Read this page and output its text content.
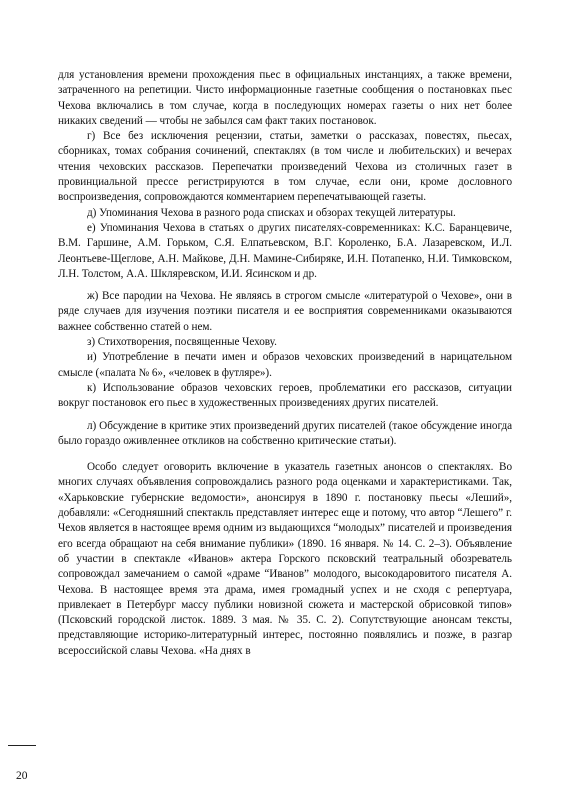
для установления времени прохождения пьес в официальных инстанциях, а также времени, затраченного на репетиции. Чисто информационные газетные сообщения о постановках пьес Чехова включались в том случае, когда в последующих номерах газеты о них нет более никаких сведений — чтобы не забылся сам факт таких постановок.

г) Все без исключения рецензии, статьи, заметки о рассказах, повестях, пьесах, сборниках, томах собрания сочинений, спектаклях (в том числе и любительских) и вечерах чтения чеховских рассказов. Перепечатки произведений Чехова из столичных газет в провинциальной прессе регистрируются в том случае, если они, кроме дословного воспроизведения, сопровождаются комментарием перепечатывающей газеты.

д) Упоминания Чехова в разного рода списках и обзорах текущей литературы.

е) Упоминания Чехова в статьях о других писателях-современниках: К.С. Баранцевиче, В.М. Гаршине, А.М. Горьком, С.Я. Елпатьевском, В.Г. Короленко, Б.А. Лазаревском, И.Л. Леонтьеве-Щеглове, А.Н. Майкове, Д.Н. Мамине-Сибиряке, И.Н. Потапенко, Н.И. Тимковском, Л.Н. Толстом, А.А. Шкляревском, И.И. Ясинском и др.

ж) Все пародии на Чехова. Не являясь в строгом смысле «литературой о Чехове», они в ряде случаев для изучения поэтики писателя и ее восприятия современниками оказываются важнее собственно статей о нем.

з) Стихотворения, посвященные Чехову.

и) Употребление в печати имен и образов чеховских произведений в нарицательном смысле («палата № 6», «человек в футляре»).

к) Использование образов чеховских героев, проблематики его рассказов, ситуации вокруг постановок его пьес в художественных произведениях других писателей.

л) Обсуждение в критике этих произведений других писателей (такое обсуждение иногда было гораздо оживленнее откликов на собственно критические статьи).

Особо следует оговорить включение в указатель газетных анонсов о спектаклях. Во многих случаях объявления сопровождались разного рода оценками и характеристиками. Так, «Харьковские губернские ведомости», анонсируя в 1890 г. постановку пьесы «Леший», добавляли: «Сегодняшний спектакль представляет интерес еще и потому, что автор “Лешего” г. Чехов является в настоящее время одним из выдающихся “молодых” писателей и произведения его всегда обращают на себя внимание публики» (1890. 16 января. № 14. С. 2–3). Объявление об участии в спектакле «Иванов» актера Горского псковский театральный обозреватель сопровождал замечанием о самой «драме “Иванов” молодого, высокодаровитого писателя А. Чехова. В настоящее время эта драма, имея громадный успех и не сходя с репертуара, привлекает в Петербург массу публики новизной сюжета и мастерской обрисовкой типов» (Псковский городской листок. 1889. 3 мая. № 35. С. 2). Сопутствующие анонсам тексты, представляющие историко-литературный интерес, постоянно появлялись и позже, в разгар всероссийской славы Чехова. «На днях в

20
